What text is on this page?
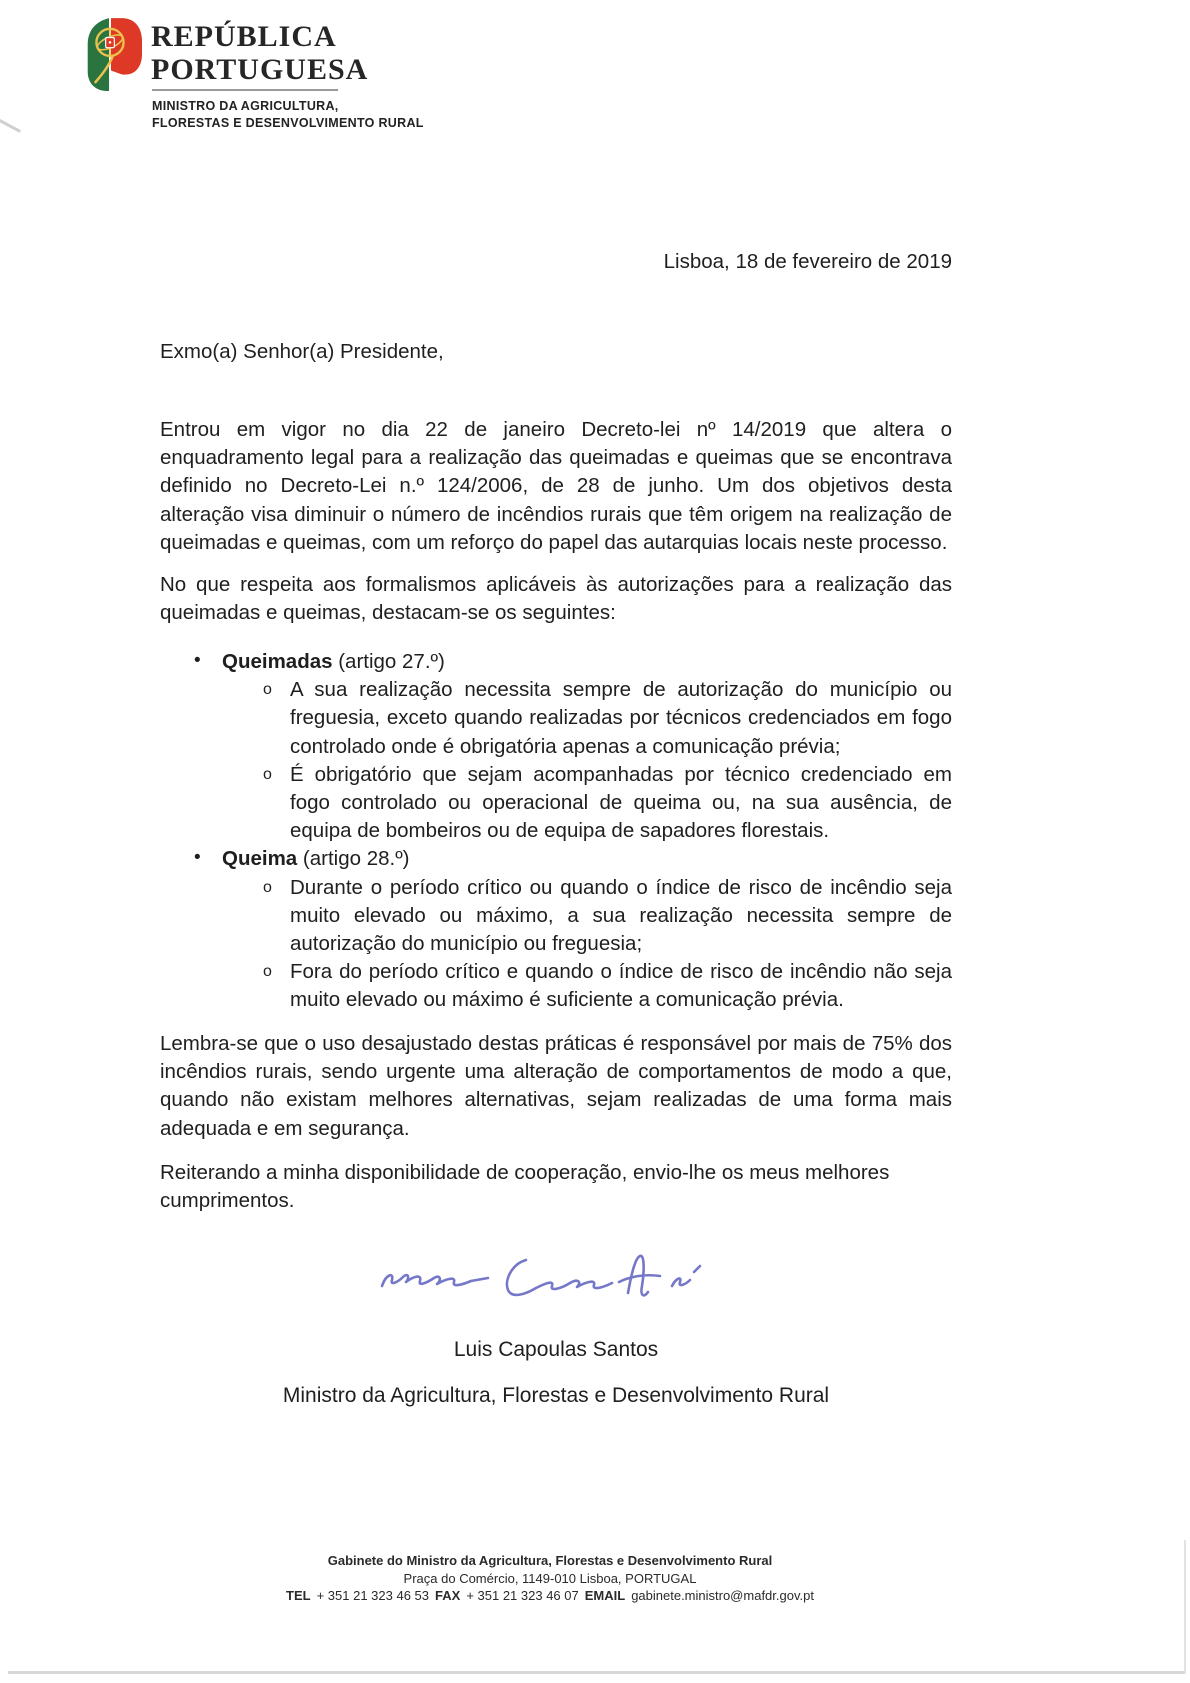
REPÚBLICA
PORTUGUESA
MINISTRO DA AGRICULTURA,
FLORESTAS E DESENVOLVIMENTO RURAL
Lisboa, 18 de fevereiro de 2019
Exmo(a) Senhor(a) Presidente,
Entrou em vigor no dia 22 de janeiro Decreto-lei nº 14/2019 que altera o enquadramento legal para a realização das queimadas e queimas que se encontrava definido no Decreto-Lei n.º 124/2006, de 28 de junho. Um dos objetivos desta alteração visa diminuir o número de incêndios rurais que têm origem na realização de queimadas e queimas, com um reforço do papel das autarquias locais neste processo.
No que respeita aos formalismos aplicáveis às autorizações para a realização das queimadas e queimas, destacam-se os seguintes:
• Queimadas (artigo 27.º)
o A sua realização necessita sempre de autorização do município ou freguesia, exceto quando realizadas por técnicos credenciados em fogo controlado onde é obrigatória apenas a comunicação prévia;
o É obrigatório que sejam acompanhadas por técnico credenciado em fogo controlado ou operacional de queima ou, na sua ausência, de equipa de bombeiros ou de equipa de sapadores florestais.
• Queima (artigo 28.º)
o Durante o período crítico ou quando o índice de risco de incêndio seja muito elevado ou máximo, a sua realização necessita sempre de autorização do município ou freguesia;
o Fora do período crítico e quando o índice de risco de incêndio não seja muito elevado ou máximo é suficiente a comunicação prévia.
Lembra-se que o uso desajustado destas práticas é responsável por mais de 75% dos incêndios rurais, sendo urgente uma alteração de comportamentos de modo a que, quando não existam melhores alternativas, sejam realizadas de uma forma mais adequada e em segurança.
Reiterando a minha disponibilidade de cooperação, envio-lhe os meus melhores cumprimentos.
Luis Capoulas Santos
Ministro da Agricultura, Florestas e Desenvolvimento Rural
Gabinete do Ministro da Agricultura, Florestas e Desenvolvimento Rural
Praça do Comércio, 1149-010 Lisboa, PORTUGAL
TEL + 351 21 323 46 53 FAX + 351 21 323 46 07 EMAIL gabinete.ministro@mafdr.gov.pt
